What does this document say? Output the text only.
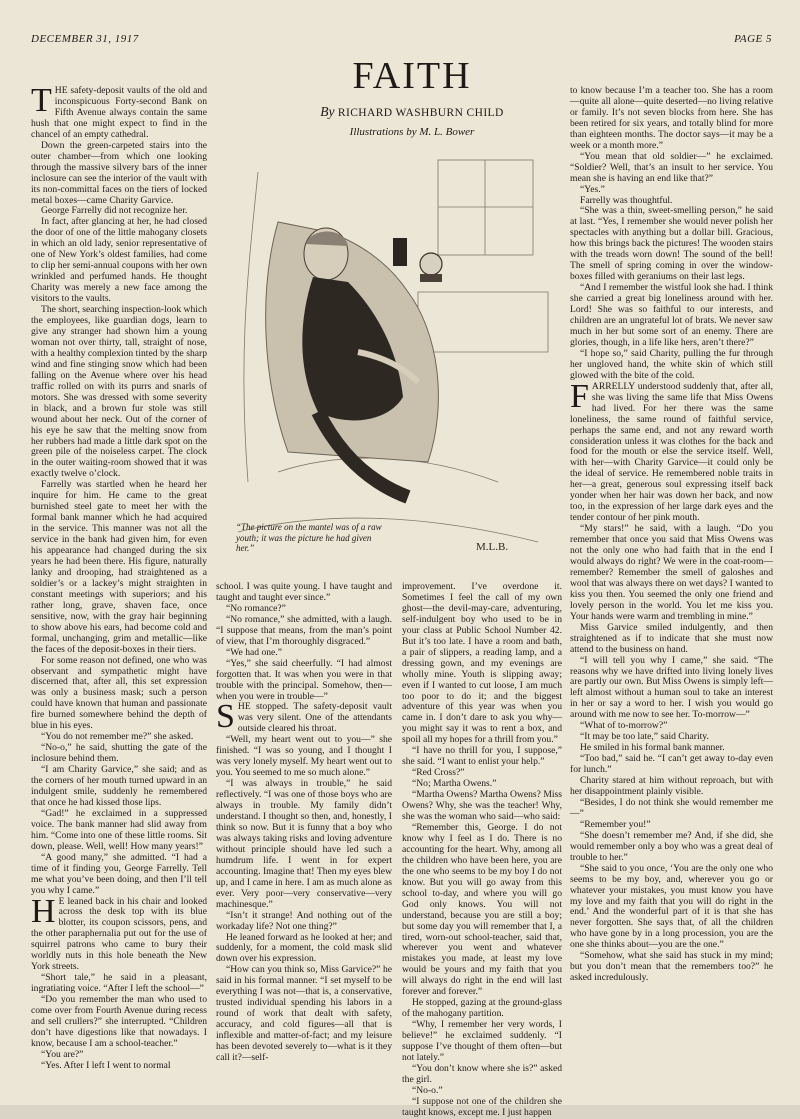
DECEMBER 31, 1917	PAGE 5
FAITH
By RICHARD WASHBURN CHILD
Illustrations by M. L. Bower
M.L.B.
“The picture on the mantel was of a raw youth; it was the picture he had given her.”

THE safety-deposit vaults of the old and inconspicuous Forty-second Bank on Fifth Avenue always contain the same hush that one might expect to find in the chancel of an empty cathedral.

Down the green-carpeted stairs into the outer chamber—from which one looking through the massive silvery bars of the inner inclosure can see the interior of the vault with its non-committal faces on the tiers of locked metal boxes—came Charity Garvice.

George Farrelly did not recognize her.

In fact, after glancing at her, he had closed the door of one of the little mahogany closets in which an old lady, senior representative of one of New York’s oldest families, had come to clip her semi-annual coupons with her own wrinkled and perfumed hands. He thought Charity was merely a new face among the visitors to the vaults.

The short, searching inspection-look which the employees, like guardian dogs, learn to give any stranger had shown him a young woman not over thirty, tall, straight of nose, with a healthy complexion tinted by the sharp wind and fine stinging snow which had been falling on the Avenue where over his head traffic rolled on with its purrs and snarls of motors. She was dressed with some severity in black, and a brown fur stole was still wound about her neck. Out of the corner of his eye he saw that the melting snow from her rubbers had made a little dark spot on the green pile of the noiseless carpet. The clock in the outer waiting-room showed that it was exactly twelve o’clock.

Farrelly was startled when he heard her inquire for him. He came to the great burnished steel gate to meet her with the formal bank manner which he had acquired in the service. This manner was not all the service in the bank had given him, for even his appearance had changed during the six years he had been there. His figure, naturally lanky and drooping, had straightened as a soldier’s or a lackey’s might straighten in constant meetings with superiors; and his rather long, grave, shaven face, once sensitive, now, with the gray hair beginning to show above his ears, had become cold and formal, unchanging, grim and metallic—like the faces of the deposit-boxes in their tiers.

For some reason not defined, one who was observant and sympathetic might have discerned that, after all, this set expression was only a business mask; such a person could have known that human and passionate fire burned somewhere behind the depth of blue in his eyes.

“You do not remember me?” she asked.

“No-o,” he said, shutting the gate of the inclosure behind them.

“I am Charity Garvice,” she said; and as the corners of her mouth turned upward in an indulgent smile, suddenly he remembered that once he had kissed those lips.

“Gad!” he exclaimed in a suppressed voice. The bank manner had slid away from him. “Come into one of these little rooms. Sit down, please. Well, well! How many years!”

“A good many,” she admitted. “I had a time of it finding you, George Farrelly. Tell me what you’ve been doing, and then I’ll tell you why I came.”

H E leaned back in his chair and looked across the desk top with its blue blotter, its coupon scissors, pens, and the other paraphernalia put out for the use of squirrel patrons who came to bury their worldly nuts in this hole beneath the New York streets.

“Short tale,” he said in a pleasant, ingratiating voice. “After I left the school—”

“Do you remember the man who used to come over from Fourth Avenue during recess and sell crullers?” she interrupted. “Children don’t have digestions like that nowadays. I know, because I am a school-teacher.”

“You are?”

“Yes. After I left I went to normal

school. I was quite young. I have taught and taught and taught ever since.”

“No romance?”

“No romance,” she admitted, with a laugh. “I suppose that means, from the man’s point of view, that I’m thoroughly disgraced.”

“We had one.”

“Yes,” she said cheerfully. “I had almost forgotten that. It was when you were in that trouble with the principal. Somehow, then—when you were in trouble—”

SHE stopped. The safety-deposit vault was very silent. One of the attendants outside cleared his throat.

“Well, my heart went out to you—” she finished. “I was so young, and I thought I was very lonely myself. My heart went out to you. You seemed to me so much alone.”

“I was always in trouble,” he said reflectively. “I was one of those boys who are always in trouble. My family didn’t understand. I thought so then, and, honestly, I think so now. But it is funny that a boy who was always taking risks and loving adventure without principle should have led such a humdrum life. I went in for expert accounting. Imagine that! Then my eyes blew up, and I came in here. I am as much alone as ever. Very poor—very conservative—very machinesque.”

“Isn’t it strange! And nothing out of the workaday life? Not one thing?”

He leaned forward as he looked at her; and suddenly, for a moment, the cold mask slid down over his expression.

“How can you think so, Miss Garvice?” he said in his formal manner. “I set myself to be everything I was not—that is, a conservative, trusted individual spending his labors in a round of work that dealt with safety, accuracy, and cold figures—all that is inflexible and matter-of-fact; and my leisure has been devoted severely to—what is it they call it?—self-

improvement. I’ve overdone it. Sometimes I feel the call of my own ghost—the devil-may-care, adventuring, self-indulgent boy who used to be in your class at Public School Number 42. But it’s too late. I have a room and bath, a pair of slippers, a reading lamp, and a dressing gown, and my evenings are wholly mine. Youth is slipping away; even if I wanted to cut loose, I am much too poor to do it; and the biggest adventure of this year was when you came in. I don’t dare to ask you why—you might say it was to rent a box, and spoil all my hopes for a thrill from you.”

“I have no thrill for you, I suppose,” she said. “I want to enlist your help.”

“Red Cross?”

“No; Martha Owens.”

“Martha Owens? Martha Owens? Miss Owens? Why, she was the teacher! Why, she was the woman who said—who said:

“Remember this, George. I do not know why I feel as I do. There is no accounting for the heart. Why, among all the children who have been here, you are the one who seems to be my boy I do not know. But you will go away from this school to-day, and where you will go God only knows. You will not understand, because you are still a boy; but some day you will remember that I, a tired, worn-out school-teacher, said that, wherever you went and whatever mistakes you made, at least my love would be yours and my faith that you will always do right in the end will last forever and forever.”

He stopped, gazing at the ground-glass of the mahogany partition.

“Why, I remember her very words, I believe!” he exclaimed suddenly. “I suppose I’ve thought of them often—but not lately.”

“You don’t know where she is?” asked the girl.

“No-o.”

“I suppose not one of the children she taught knows, except me. I just happen

to know because I’m a teacher too. She has a room—quite all alone—quite deserted—no living relative or family. It’s not seven blocks from here. She has been retired for six years, and totally blind for more than eighteen months. The doctor says—it may be a week or a month more.”

“You mean that old soldier—” he exclaimed. “Soldier? Well, that’s an insult to her service. You mean she is having an end like that?”

“Yes.”

Farrelly was thoughtful.

“She was a thin, sweet-smelling person,” he said at last. “Yes, I remember she would never polish her spectacles with anything but a dollar bill. Gracious, how this brings back the pictures! The wooden stairs with the treads worn down! The sound of the bell! The smell of spring coming in over the window-boxes filled with geraniums on their last legs.

“And I remember the wistful look she had. I think she carried a great big loneliness around with her. Lord! She was so faithful to our interests, and children are an ungrateful lot of brats. We never saw much in her but some sort of an enemy. There are glories, though, in a life like hers, aren’t there?”

“I hope so,” said Charity, pulling the fur through her ungloved hand, the white skin of which still glowed with the bite of the cold.

FARRELLY understood suddenly that, after all, she was living the same life that Miss Owens had lived. For her there was the same loneliness, the same round of faithful service, perhaps the same end, and not any reward worth consideration unless it was clothes for the back and food for the mouth or else the service itself. Well, with her—with Charity Garvice—it could only be the ideal of service. He remembered noble traits in her—a great, generous soul expressing itself back yonder when her hair was down her back, and now too, in the expression of her large dark eyes and the tender contour of her pink mouth.

“My stars!” he said, with a laugh. “Do you remember that once you said that Miss Owens was not the only one who had faith that in the end I would always do right? We were in the coat-room—remember? Remember the smell of galoshes and wool that was always there on wet days? I wanted to kiss you then. You seemed the only one friend and lovely person in the world. You let me kiss you. Your hands were warm and trembling in mine.”

Miss Garvice smiled indulgently, and then straightened as if to indicate that she must now attend to the business on hand.

“I will tell you why I came,” she said. “The reasons why we have drifted into living lonely lives are partly our own. But Miss Owens is simply left—left almost without a human soul to take an interest in her or say a word to her. I wish you would go around with me now to see her. To-morrow—”

“What of to-morrow?”

“It may be too late,” said Charity.

He smiled in his formal bank manner.

“Too bad,” said he. “I can’t get away to-day even for lunch.”

Charity stared at him without reproach, but with her disappointment plainly visible.

“Besides, I do not think she would remember me—”

“Remember you!”

“She doesn’t remember me? And, if she did, she would remember only a boy who was a great deal of trouble to her.”

“She said to you once, ‘You are the only one who seems to be my boy, and, wherever you go or whatever your mistakes, you must know you have my love and my faith that you will do right in the end.’ And the wonderful part of it is that she has never forgotten. She says that, of all the children who have gone by in a long procession, you are the one she thinks about—you are the one.”

“Somehow, what she said has stuck in my mind; but you don’t mean that the remembers too?” he asked incredulously.
